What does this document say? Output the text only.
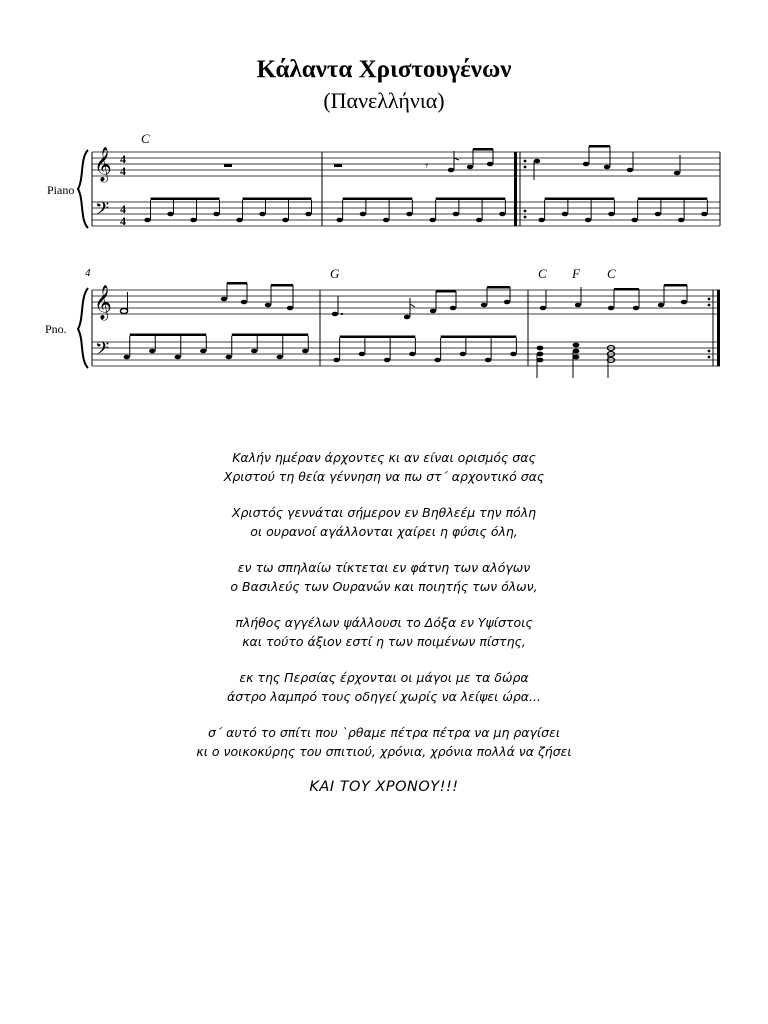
Κάλαντα Χριστουγένων
(Πανελλήνια)
Piano
C
𝄞
𝄢
4
4
4
4
𝄾
4
Pno.
G	C F C
𝄞
𝄢
Καλήν ημέραν άρχοντες κι αν είναι ορισμός σας
Χριστού τη θεία γέννηση να πω στ΄ αρχοντικό σας
Χριστός γεννάται σήμερον εν Βηθλεέμ την πόλη
οι ουρανοί αγάλλονται χαίρει η φύσις όλη,
εν τω σπηλαίω τίκτεται εν φάτνη των αλόγων
ο Βασιλεύς των Ουρανών και ποιητής των όλων,
πλήθος αγγέλων ψάλλουσι το Δόξα εν Υψίστοις
και τούτο άξιον εστί η των ποιμένων πίστης,
εκ της Περσίας έρχονται οι μάγοι με τα δώρα
άστρο λαμπρό τους οδηγεί χωρίς να λείψει ώρα...
σ΄ αυτό το σπίτι που `ρθαμε πέτρα πέτρα να μη ραγίσει
κι ο νοικοκύρης του σπιτιού, χρόνια, χρόνια πολλά να ζήσει
ΚΑΙ ΤΟΥ ΧΡΟΝΟΥ!!!
